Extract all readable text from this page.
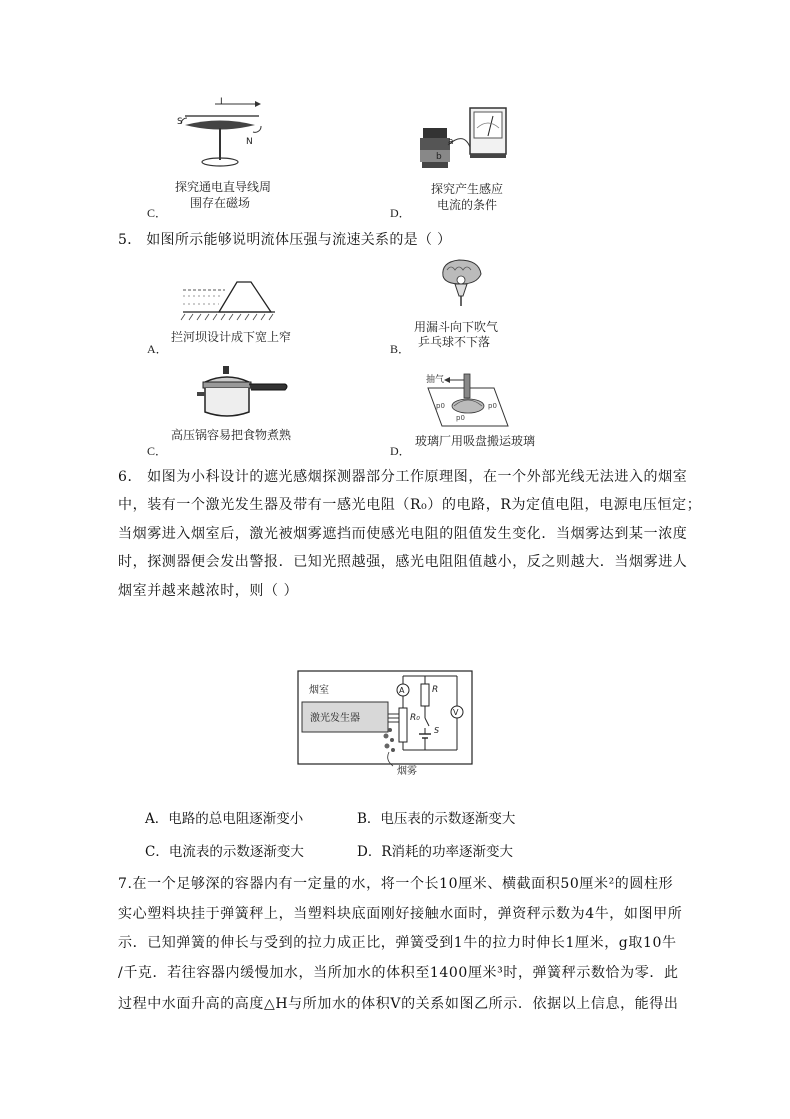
I
S
N
探究通电直导线周
围存在磁场
C．
a
b
探究产生感应
电流的条件
D．
5． 如图所示能够说明流体压强与流速关系的是（ ）
拦河坝设计成下宽上窄
A．
用漏斗向下吹气
乒乓球不下落
B．
高压锅容易把食物煮熟
C．
p0	p0
p0
抽气
玻璃厂用吸盘搬运玻璃
D．
6． 如图为小科设计的遮光感烟探测器部分工作原理图，在一个外部光线无法进入的烟室
中，装有一个激光发生器及带有一感光电阻（R₀）的电路，R为定值电阻，电源电压恒定；
当烟雾进入烟室后，激光被烟雾遮挡而使感光电阻的阻值发生变化．当烟雾达到某一浓度
时，探测器便会发出警报．已知光照越强，感光电阻阻值越小，反之则越大．当烟雾进人
烟室并越来越浓时，则（ ）
烟室
激光发生器
A
V
R
R₀
S
烟雾
A．电路的总电阻逐渐变小	B．电压表的示数逐渐变大
C．电流表的示数逐渐变大	D．R消耗的功率逐渐变大
7.在一个足够深的容器内有一定量的水，将一个长10厘米、横截面积50厘米²的圆柱形
实心塑料块挂于弹簧秤上，当塑料块底面刚好接触水面时，弹资秤示数为4牛，如图甲所
示．已知弹簧的伸长与受到的拉力成正比，弹簧受到1牛的拉力时伸长1厘米，g取10牛
/千克．若往容器内缓慢加水，当所加水的体积至1400厘米³时，弹簧秤示数恰为零．此
过程中水面升高的高度△H与所加水的体积V的关系如图乙所示．依据以上信息，能得出
